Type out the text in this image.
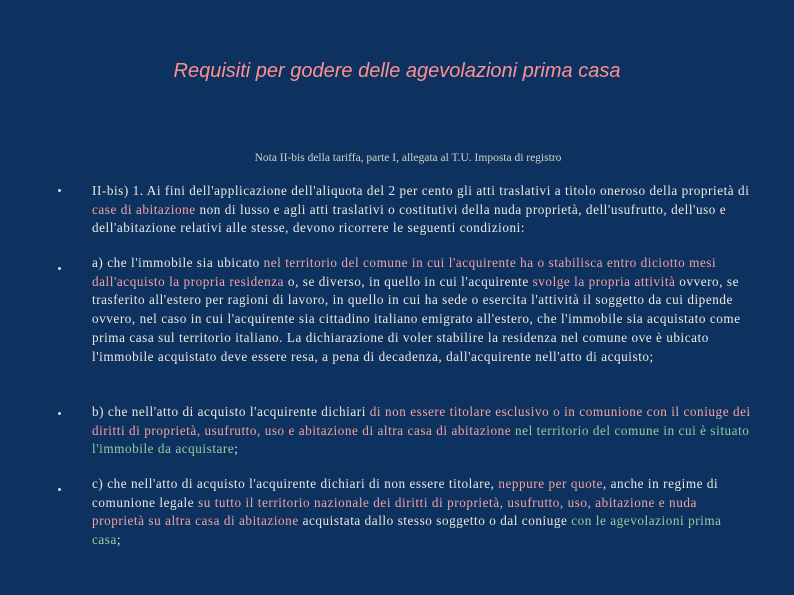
Requisiti per godere delle agevolazioni prima casa
Nota II-bis della tariffa, parte I, allegata al T.U. Imposta di registro
II-bis) 1. Ai fini dell'applicazione dell'aliquota del 2 per cento gli atti traslativi a titolo oneroso della proprietà di case di abitazione non di lusso e agli atti traslativi o costitutivi della nuda proprietà, dell'usufrutto, dell'uso e dell'abitazione relativi alle stesse, devono ricorrere le seguenti condizioni:
a) che l'immobile sia ubicato nel territorio del comune in cui l'acquirente ha o stabilisca entro diciotto mesi dall'acquisto la propria residenza o, se diverso, in quello in cui l'acquirente svolge la propria attività ovvero, se trasferito all'estero per ragioni di lavoro, in quello in cui ha sede o esercita l'attività il soggetto da cui dipende ovvero, nel caso in cui l'acquirente sia cittadino italiano emigrato all'estero, che l'immobile sia acquistato come prima casa sul territorio italiano. La dichiarazione di voler stabilire la residenza nel comune ove è ubicato l'immobile acquistato deve essere resa, a pena di decadenza, dall'acquirente nell'atto di acquisto;
b) che nell'atto di acquisto l'acquirente dichiari di non essere titolare esclusivo o in comunione con il coniuge dei diritti di proprietà, usufrutto, uso e abitazione di altra casa di abitazione nel territorio del comune in cui è situato l'immobile da acquistare;
c) che nell'atto di acquisto l'acquirente dichiari di non essere titolare, neppure per quote, anche in regime di comunione legale su tutto il territorio nazionale dei diritti di proprietà, usufrutto, uso, abitazione e nuda proprietà su altra casa di abitazione acquistata dallo stesso soggetto o dal coniuge con le agevolazioni prima casa;
